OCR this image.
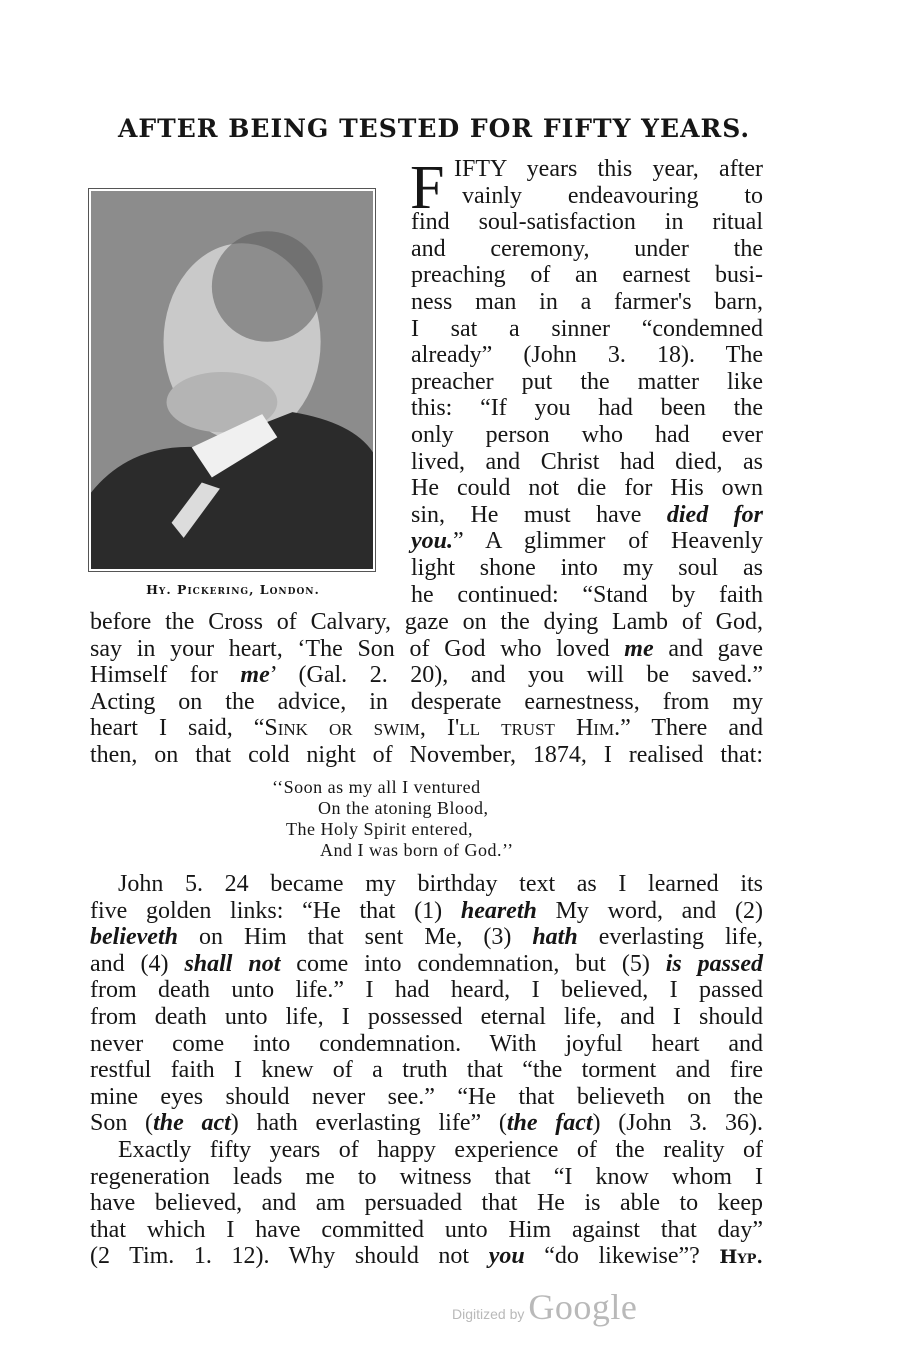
AFTER BEING TESTED FOR FIFTY YEARS.
Hy. Pickering, London.
F IFTY years this year, after
vainly endeavouring to
find soul-satisfaction in ritual
and ceremony, under the
preaching of an earnest busi-
ness man in a farmer's barn,
I sat a sinner “condemned
already” (John 3. 18). The
preacher put the matter like
this: “If you had been the
only person who had ever
lived, and Christ had died, as
He could not die for His own
sin, He must have died for
you.” A glimmer of Heavenly
light shone into my soul as
he continued: “Stand by faith
before the Cross of Calvary, gaze on the dying Lamb of God,
say in your heart, ‘The Son of God who loved me and gave
Himself for me’ (Gal. 2. 20), and you will be saved.”
Acting on the advice, in desperate earnestness, from my
heart I said, “Sink or swim, I'll trust Him.” There and
then, on that cold night of November, 1874, I realised that:
‘‘Soon as my all I ventured
On the atoning Blood,
The Holy Spirit entered,
And I was born of God.’’
John 5. 24 became my birthday text as I learned its
five golden links: “He that (1) heareth My word, and (2)
believeth on Him that sent Me, (3) hath everlasting life,
and (4) shall not come into condemnation, but (5) is passed
from death unto life.” I had heard, I believed, I passed
from death unto life, I possessed eternal life, and I should
never come into condemnation. With joyful heart and
restful faith I knew of a truth that “the torment and fire
mine eyes should never see.” “He that believeth on the
Son (the act) hath everlasting life” (the fact) (John 3. 36).
Exactly fifty years of happy experience of the reality of
regeneration leads me to witness that “I know whom I
have believed, and am persuaded that He is able to keep
that which I have committed unto Him against that day”
(2 Tim. 1. 12). Why should not you “do likewise”? Hyp.
Digitized by Google
